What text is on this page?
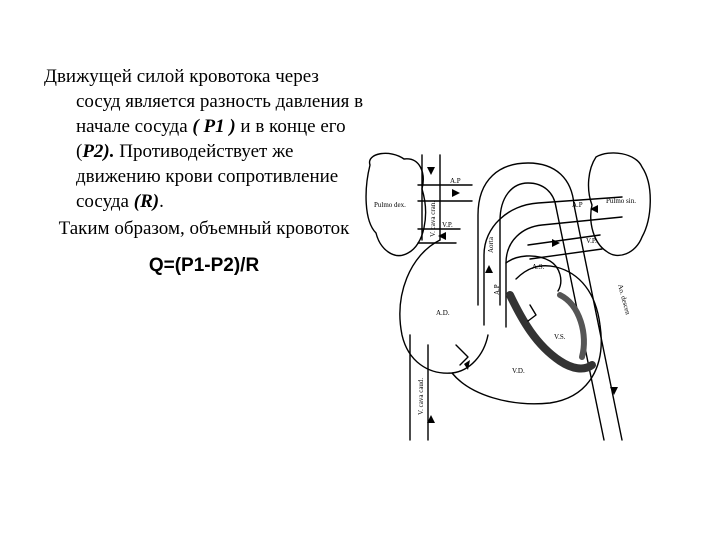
Движущей силой кровотока через сосуд является разность давления в начале сосуда ( P1 ) и в конце его (P2). Противодействует же движению крови сопротивление сосуда (R).

Таким образом, объемный кровоток

Q=(P1-P2)/R

Pulmo dex.	Pulmo sin.
A.P
A.P
V.P.
V.P.
Aorta
A.P
V. cava cran.
V. cava caud.
Ao. descen
A.S.
A.D.
V.S.
V.D.
